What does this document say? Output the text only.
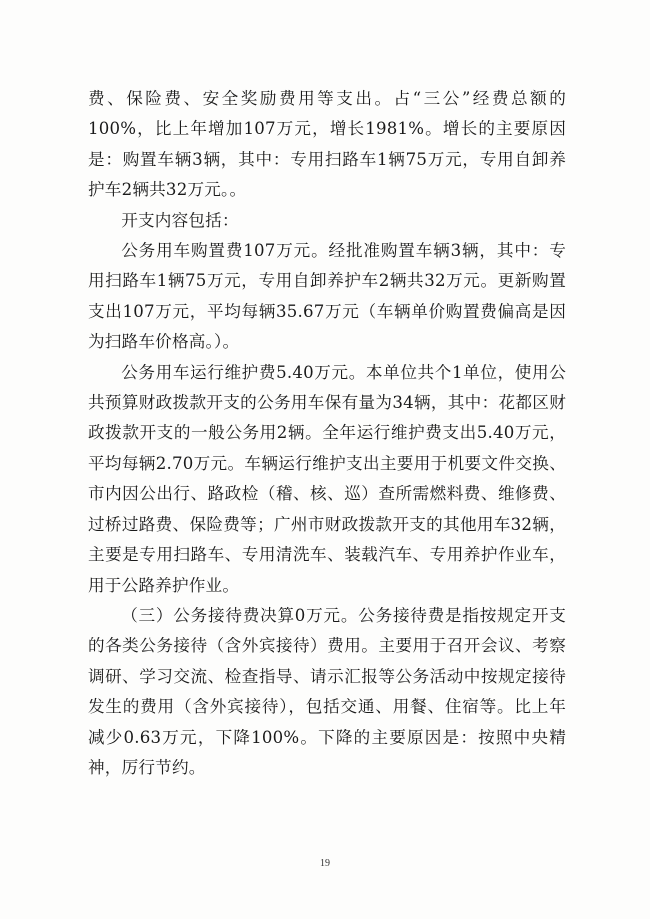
费、保险费、安全奖励费用等支出。占“三公”经费总额的100%，比上年增加107万元，增长1981%。增长的主要原因是：购置车辆3辆，其中：专用扫路车1辆75万元，专用自卸养护车2辆共32万元。。

开支内容包括：

公务用车购置费107万元。经批准购置车辆3辆，其中：专用扫路车1辆75万元，专用自卸养护车2辆共32万元。更新购置支出107万元，平均每辆35.67万元（车辆单价购置费偏高是因为扫路车价格高。）。

公务用车运行维护费5.40万元。本单位共个1单位，使用公共预算财政拨款开支的公务用车保有量为34辆，其中：花都区财政拨款开支的一般公务用2辆。全年运行维护费支出5.40万元，平均每辆2.70万元。车辆运行维护支出主要用于机要文件交换、市内因公出行、路政检（稽、核、巡）查所需燃料费、维修费、过桥过路费、保险费等；广州市财政拨款开支的其他用车32辆，主要是专用扫路车、专用清洗车、装载汽车、专用养护作业车，用于公路养护作业。

（三）公务接待费决算0万元。公务接待费是指按规定开支的各类公务接待（含外宾接待）费用。主要用于召开会议、考察调研、学习交流、检查指导、请示汇报等公务活动中按规定接待发生的费用（含外宾接待），包括交通、用餐、住宿等。比上年减少0.63万元，下降100%。下降的主要原因是：按照中央精神，厉行节约。

19
